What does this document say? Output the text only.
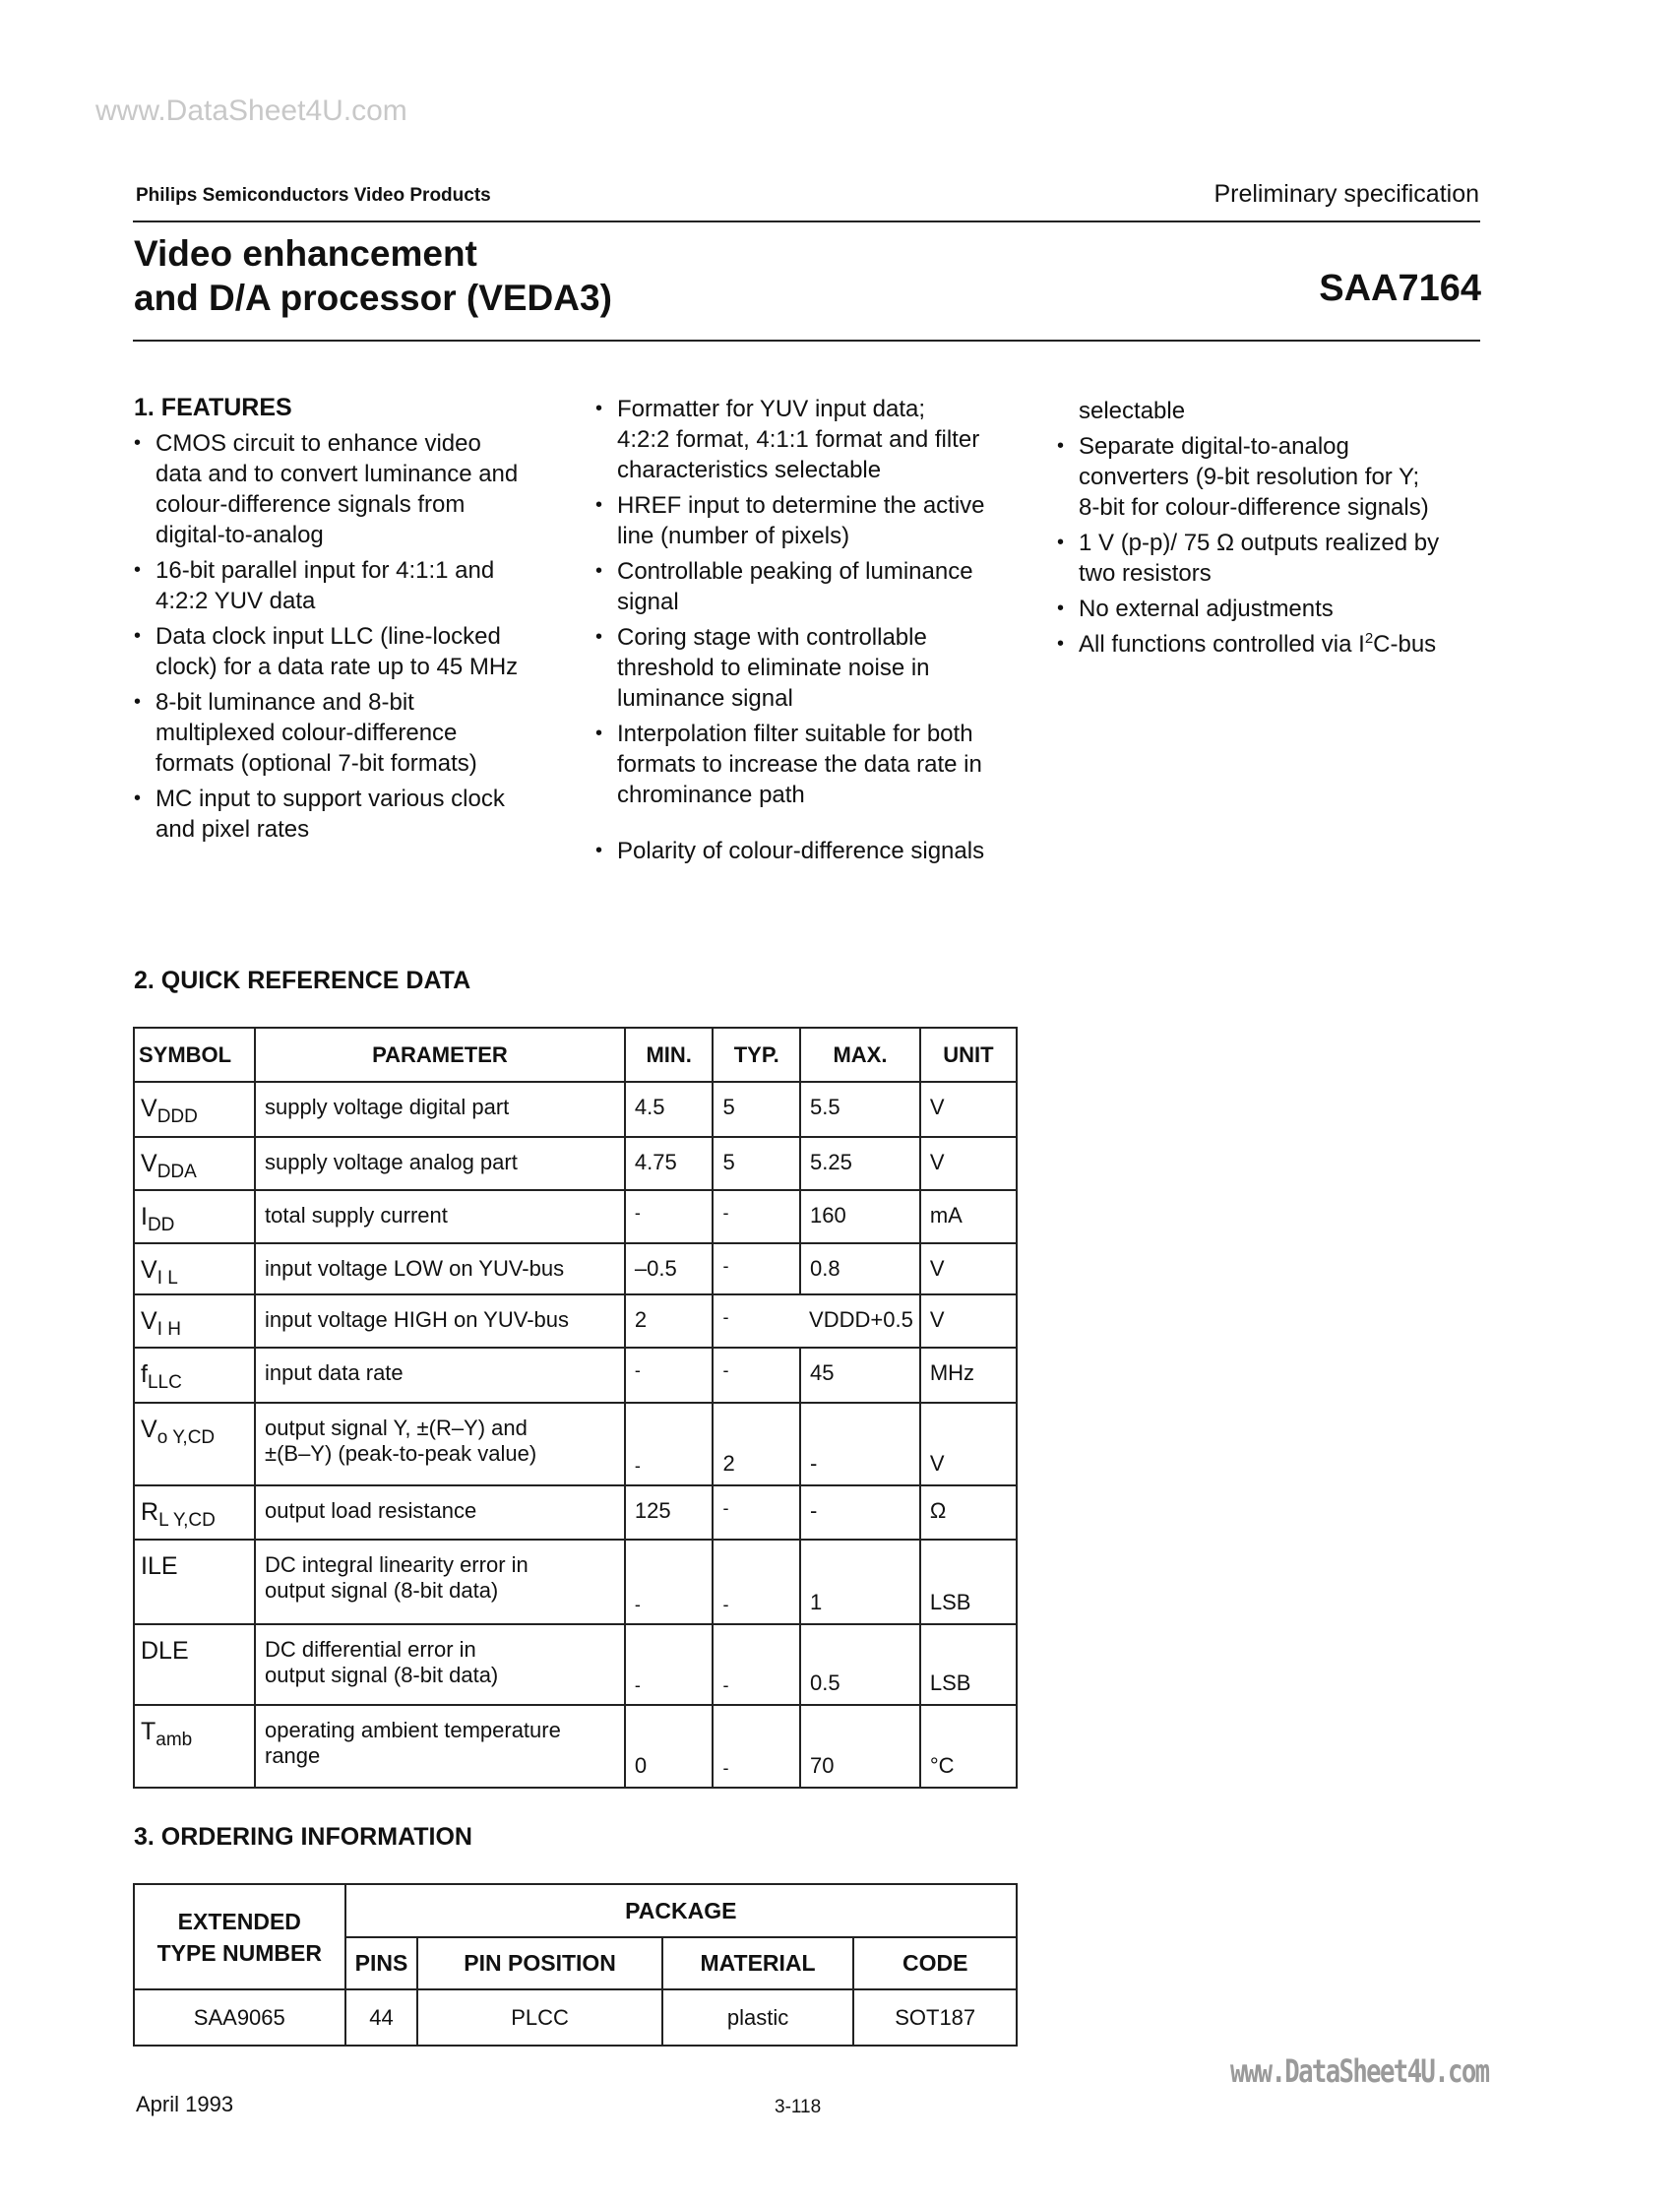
www.DataSheet4U.com
Philips Semiconductors Video Products	Preliminary specification
Video enhancement
and D/A processor (VEDA3)	SAA7164
1. FEATURES
• CMOS circuit to enhance video
data and to convert luminance and
colour-difference signals from
digital-to-analog
• 16-bit parallel input for 4:1:1 and
4:2:2 YUV data
• Data clock input LLC (line-locked
clock) for a data rate up to 45 MHz
• 8-bit luminance and 8-bit
multiplexed colour-difference
formats (optional 7-bit formats)
• MC input to support various clock
and pixel rates
• Formatter for YUV input data;
4:2:2 format, 4:1:1 format and filter
characteristics selectable
• HREF input to determine the active
line (number of pixels)
• Controllable peaking of luminance
signal
• Coring stage with controllable
threshold to eliminate noise in
luminance signal
• Interpolation filter suitable for both
formats to increase the data rate in
chrominance path
• Polarity of colour-difference signals
selectable
• Separate digital-to-analog
converters (9-bit resolution for Y;
8-bit for colour-difference signals)
• 1 V (p-p)/ 75 Ω outputs realized by
two resistors
• No external adjustments
• All functions controlled via $I^2C$-bus
2. QUICK REFERENCE DATA
SYMBOL	PARAMETER	MIN.	TYP.	MAX.	UNIT
$V_{DDD}$	supply voltage digital part	4.5	5	5.5	V
$V_{DDA}$	supply voltage analog part	4.75	5	5.25	V
$I_{DD}$	total supply current	-	-	160	mA
$V_{I L}$	input voltage LOW on YUV-bus	–0.5	-	0.8	V
$V_{I H}$	input voltage HIGH on YUV-bus	2	-	VDDD+0.5	V
$f_{LLC}$	input data rate	-	-	45	MHz
$V_{o Y,CD}$	output signal Y, ±(R–Y) and
±(B–Y) (peak-to-peak value)	-	2	-	V
$R_{L Y,CD}$	output load resistance	125	-	-	Ω
ILE	DC integral linearity error in
output signal (8-bit data)	-	-	1	LSB
DLE	DC differential error in
output signal (8-bit data)	-	-	0.5	LSB
$T_{amb}$	operating ambient temperature
range	0	-	70	°C
3. ORDERING INFORMATION
EXTENDED
TYPE NUMBER	PACKAGE			
	PINS	PIN POSITION	MATERIAL	CODE
SAA9065	44	PLCC	plastic	SOT187
www.DataSheet4U.com
April 1993	3-118
